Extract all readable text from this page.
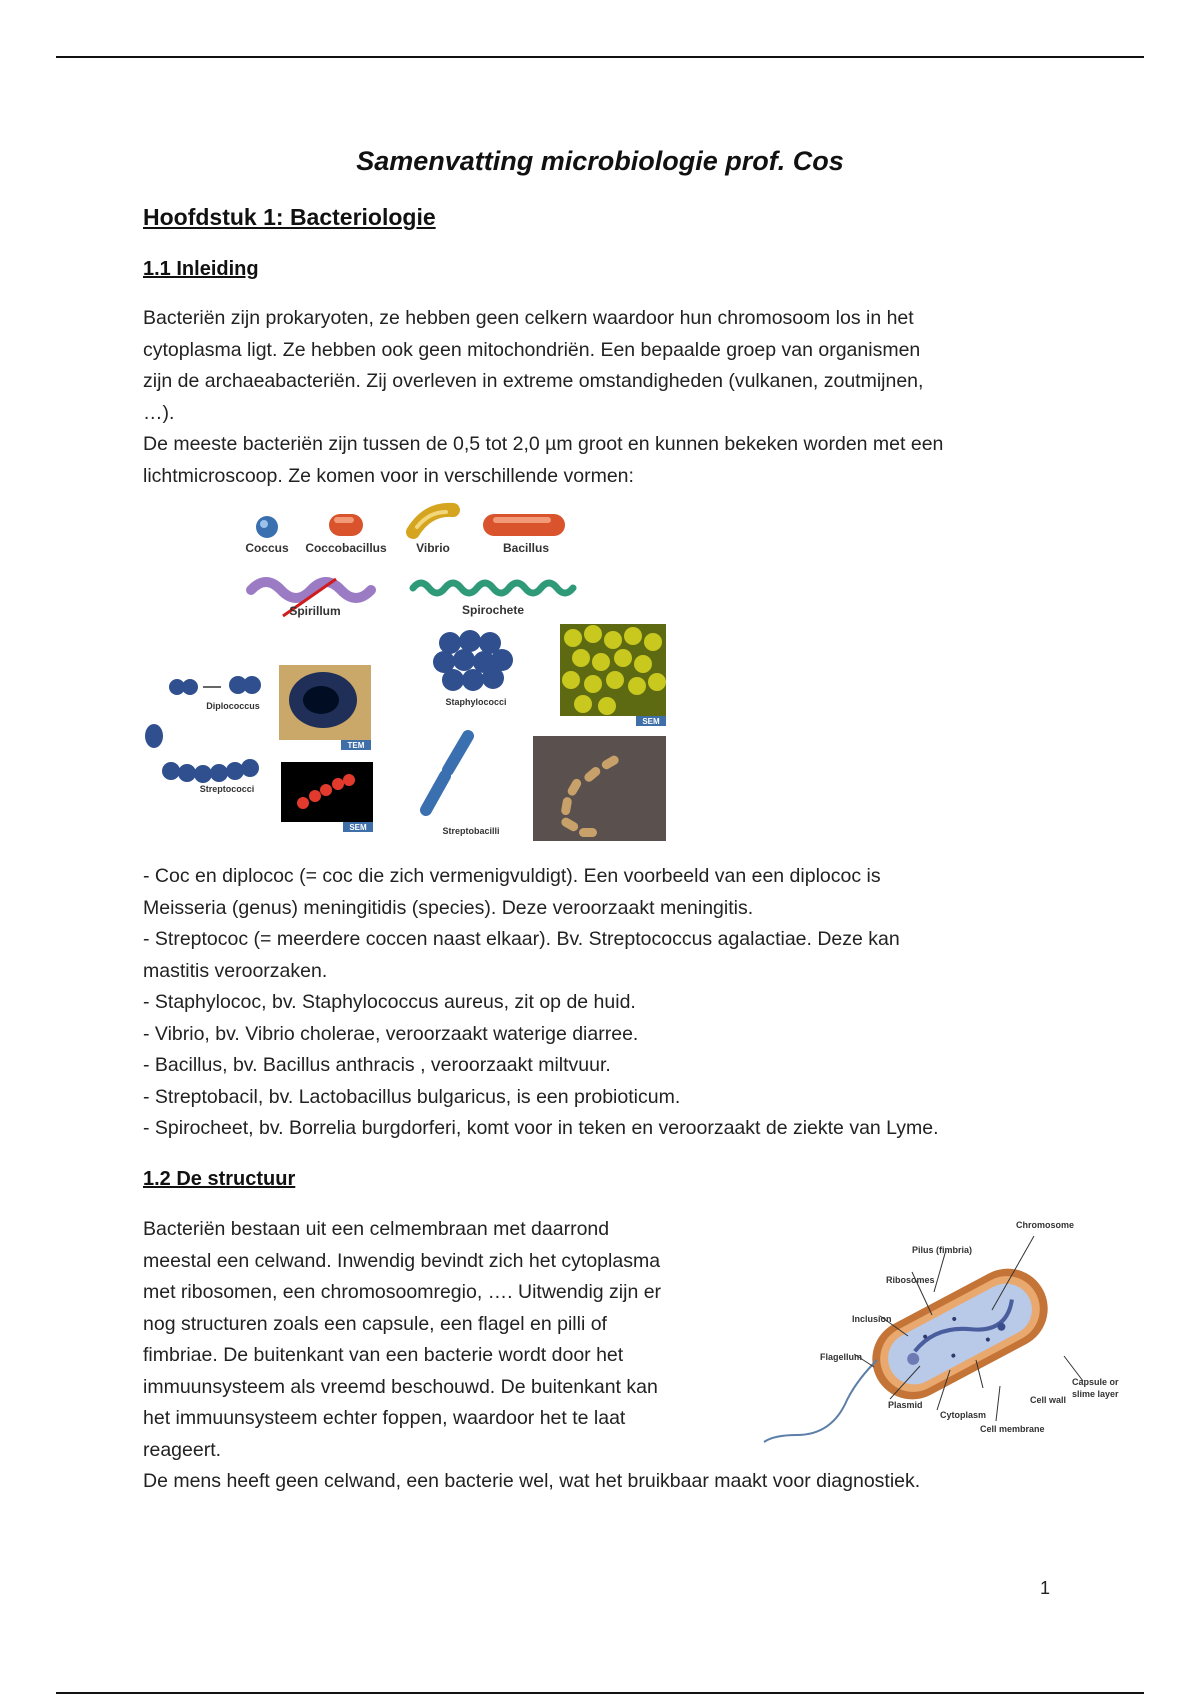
Samenvatting microbiologie prof. Cos
Hoofdstuk 1: Bacteriologie
1.1 Inleiding
Bacteriën zijn prokaryoten, ze hebben geen celkern waardoor hun chromosoom los in het
cytoplasma ligt. Ze hebben ook geen mitochondriën. Een bepaalde groep van organismen
zijn de archaeabacteriën. Zij overleven in extreme omstandigheden (vulkanen, zoutmijnen,
…).
De meeste bacteriën zijn tussen de 0,5 tot 2,0 µm groot en kunnen bekeken worden met een
lichtmicroscoop. Ze komen voor in verschillende vormen:
- Coc en diplococ (= coc die zich vermenigvuldigt). Een voorbeeld van een diplococ is
Meisseria (genus) meningitidis (species). Deze veroorzaakt meningitis.
- Streptococ (= meerdere coccen naast elkaar). Bv. Streptococcus agalactiae. Deze kan
mastitis veroorzaken.
- Staphylococ, bv. Staphylococcus aureus, zit op de huid.
- Vibrio, bv. Vibrio cholerae, veroorzaakt waterige diarree.
- Bacillus, bv. Bacillus anthracis , veroorzaakt miltvuur.
- Streptobacil, bv. Lactobacillus bulgaricus, is een probioticum.
- Spirocheet, bv. Borrelia burgdorferi, komt voor in teken en veroorzaakt de ziekte van Lyme.
1.2 De structuur
Bacteriën bestaan uit een celmembraan met daarrond
meestal een celwand. Inwendig bevindt zich het cytoplasma
met ribosomen, een chromosoomregio, …. Uitwendig zijn er
nog structuren zoals een capsule, een flagel en pilli of
fimbriae. De buitenkant van een bacterie wordt door het
immuunsysteem als vreemd beschouwd. De buitenkant kan
het immuunsysteem echter foppen, waardoor het te laat
reageert.
De mens heeft geen celwand, een bacterie wel, wat het bruikbaar maakt voor diagnostiek.
Coccus Coccobacillus Vibrio	Bacillus
Spirillum	Spirochete
Diplococcus
TEM
Streptococci
SEM
Staphylococci
SEM
Streptobacilli
Chromosome
Pilus (fimbria)
Ribosomes
Inclusion
Flagellum
Capsule or
slime layer
Cell wall
Plasmid
Cytoplasm
Cell membrane
1
